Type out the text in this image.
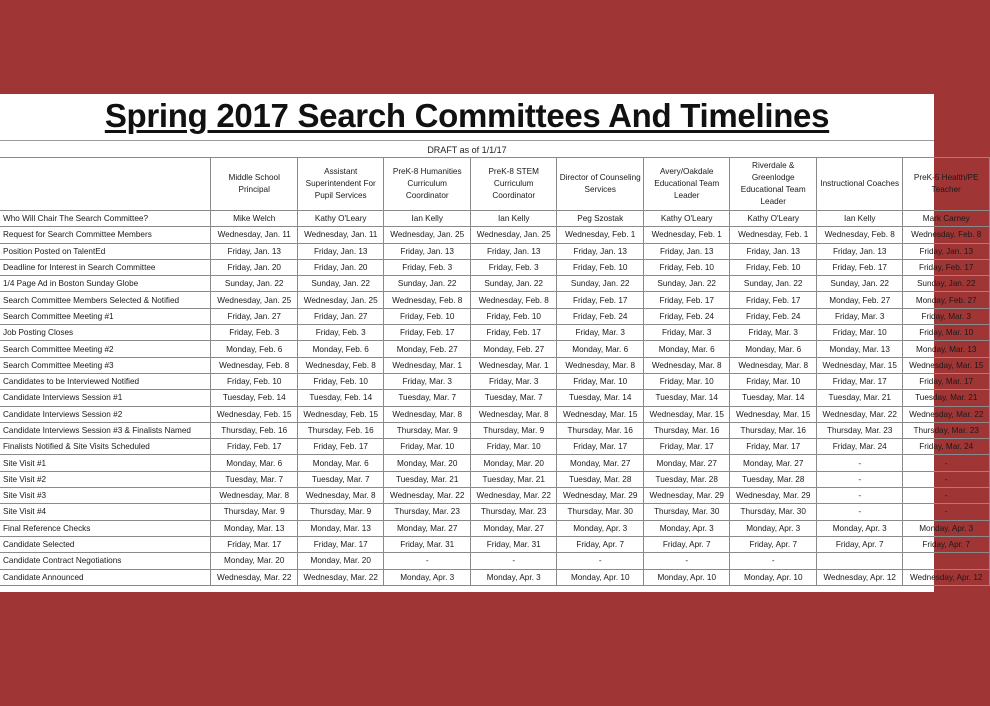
Spring 2017 Search Committees And Timelines
DRAFT as of 1/1/17
	Middle School Principal	Assistant Superintendent For Pupil Services	PreK-8 Humanities Curriculum Coordinator	PreK-8 STEM Curriculum Coordinator	Director of Counseling Services	Avery/Oakdale Educational Team Leader	Riverdale & Greenlodge Educational Team Leader	Instructional Coaches	PreK-5 Health/PE Teacher
Who Will Chair The Search Committee?	Mike Welch	Kathy O'Leary	Ian Kelly	Ian Kelly	Peg Szostak	Kathy O'Leary	Kathy O'Leary	Ian Kelly	Mark Carney
Request for Search Committee Members	Wednesday, Jan. 11	Wednesday, Jan. 11	Wednesday, Jan. 25	Wednesday, Jan. 25	Wednesday, Feb. 1	Wednesday, Feb. 1	Wednesday, Feb. 1	Wednesday, Feb. 8	Wednesday, Feb. 8
Position Posted on TalentEd	Friday, Jan. 13	Friday, Jan. 13	Friday, Jan. 13	Friday, Jan. 13	Friday, Jan. 13	Friday, Jan. 13	Friday, Jan. 13	Friday, Jan. 13	Friday, Jan. 13
Deadline for Interest in Search Committee	Friday, Jan. 20	Friday, Jan. 20	Friday, Feb. 3	Friday, Feb. 3	Friday, Feb. 10	Friday, Feb. 10	Friday, Feb. 10	Friday, Feb. 17	Friday, Feb. 17
1/4 Page Ad in Boston Sunday Globe	Sunday, Jan. 22	Sunday, Jan. 22	Sunday, Jan. 22	Sunday, Jan. 22	Sunday, Jan. 22	Sunday, Jan. 22	Sunday, Jan. 22	Sunday, Jan. 22	Sunday, Jan. 22
Search Committee Members Selected & Notified	Wednesday, Jan. 25	Wednesday, Jan. 25	Wednesday, Feb. 8	Wednesday, Feb. 8	Friday, Feb. 17	Friday, Feb. 17	Friday, Feb. 17	Monday, Feb. 27	Monday, Feb. 27
Search Committee Meeting #1	Friday, Jan. 27	Friday, Jan. 27	Friday, Feb. 10	Friday, Feb. 10	Friday, Feb. 24	Friday, Feb. 24	Friday, Feb. 24	Friday, Mar. 3	Friday, Mar. 3
Job Posting Closes	Friday, Feb. 3	Friday, Feb. 3	Friday, Feb. 17	Friday, Feb. 17	Friday, Mar. 3	Friday, Mar. 3	Friday, Mar. 3	Friday, Mar. 10	Friday, Mar. 10
Search Committee Meeting #2	Monday, Feb. 6	Monday, Feb. 6	Monday, Feb. 27	Monday, Feb. 27	Monday, Mar. 6	Monday, Mar. 6	Monday, Mar. 6	Monday, Mar. 13	Monday, Mar. 13
Search Committee Meeting #3	Wednesday, Feb. 8	Wednesday, Feb. 8	Wednesday, Mar. 1	Wednesday, Mar. 1	Wednesday, Mar. 8	Wednesday, Mar. 8	Wednesday, Mar. 8	Wednesday, Mar. 15	Wednesday, Mar. 15
Candidates to be Interviewed Notified	Friday, Feb. 10	Friday, Feb. 10	Friday, Mar. 3	Friday, Mar. 3	Friday, Mar. 10	Friday, Mar. 10	Friday, Mar. 10	Friday, Mar. 17	Friday, Mar. 17
Candidate Interviews Session #1	Tuesday, Feb. 14	Tuesday, Feb. 14	Tuesday, Mar. 7	Tuesday, Mar. 7	Tuesday, Mar. 14	Tuesday, Mar. 14	Tuesday, Mar. 14	Tuesday, Mar. 21	Tuesday, Mar. 21
Candidate Interviews Session #2	Wednesday, Feb. 15	Wednesday, Feb. 15	Wednesday, Mar. 8	Wednesday, Mar. 8	Wednesday, Mar. 15	Wednesday, Mar. 15	Wednesday, Mar. 15	Wednesday, Mar. 22	Wednesday, Mar. 22
Candidate Interviews Session #3 & Finalists Named	Thursday, Feb. 16	Thursday, Feb. 16	Thursday, Mar. 9	Thursday, Mar. 9	Thursday, Mar. 16	Thursday, Mar. 16	Thursday, Mar. 16	Thursday, Mar. 23	Thursday, Mar. 23
Finalists Notified & Site Visits Scheduled	Friday, Feb. 17	Friday, Feb. 17	Friday, Mar. 10	Friday, Mar. 10	Friday, Mar. 17	Friday, Mar. 17	Friday, Mar. 17	Friday, Mar. 24	Friday, Mar. 24
Site Visit #1	Monday, Mar. 6	Monday, Mar. 6	Monday, Mar. 20	Monday, Mar. 20	Monday, Mar. 27	Monday, Mar. 27	Monday, Mar. 27	-	-
Site Visit #2	Tuesday, Mar. 7	Tuesday, Mar. 7	Tuesday, Mar. 21	Tuesday, Mar. 21	Tuesday, Mar. 28	Tuesday, Mar. 28	Tuesday, Mar. 28	-	-
Site Visit #3	Wednesday, Mar. 8	Wednesday, Mar. 8	Wednesday, Mar. 22	Wednesday, Mar. 22	Wednesday, Mar. 29	Wednesday, Mar. 29	Wednesday, Mar. 29	-	-
Site Visit #4	Thursday, Mar. 9	Thursday, Mar. 9	Thursday, Mar. 23	Thursday, Mar. 23	Thursday, Mar. 30	Thursday, Mar. 30	Thursday, Mar. 30	-	-
Final Reference Checks	Monday, Mar. 13	Monday, Mar. 13	Monday, Mar. 27	Monday, Mar. 27	Monday, Apr. 3	Monday, Apr. 3	Monday, Apr. 3	Monday, Apr. 3	Monday, Apr. 3
Candidate Selected	Friday, Mar. 17	Friday, Mar. 17	Friday, Mar. 31	Friday, Mar. 31	Friday, Apr. 7	Friday, Apr. 7	Friday, Apr. 7	Friday, Apr. 7	Friday, Apr. 7
Candidate Contract Negotiations	Monday, Mar. 20	Monday, Mar. 20	-	-	-	-	-		
Candidate Announced	Wednesday, Mar. 22	Wednesday, Mar. 22	Monday, Apr. 3	Monday, Apr. 3	Monday, Apr. 10	Monday, Apr. 10	Monday, Apr. 10	Wednesday, Apr. 12	Wednesday, Apr. 12
